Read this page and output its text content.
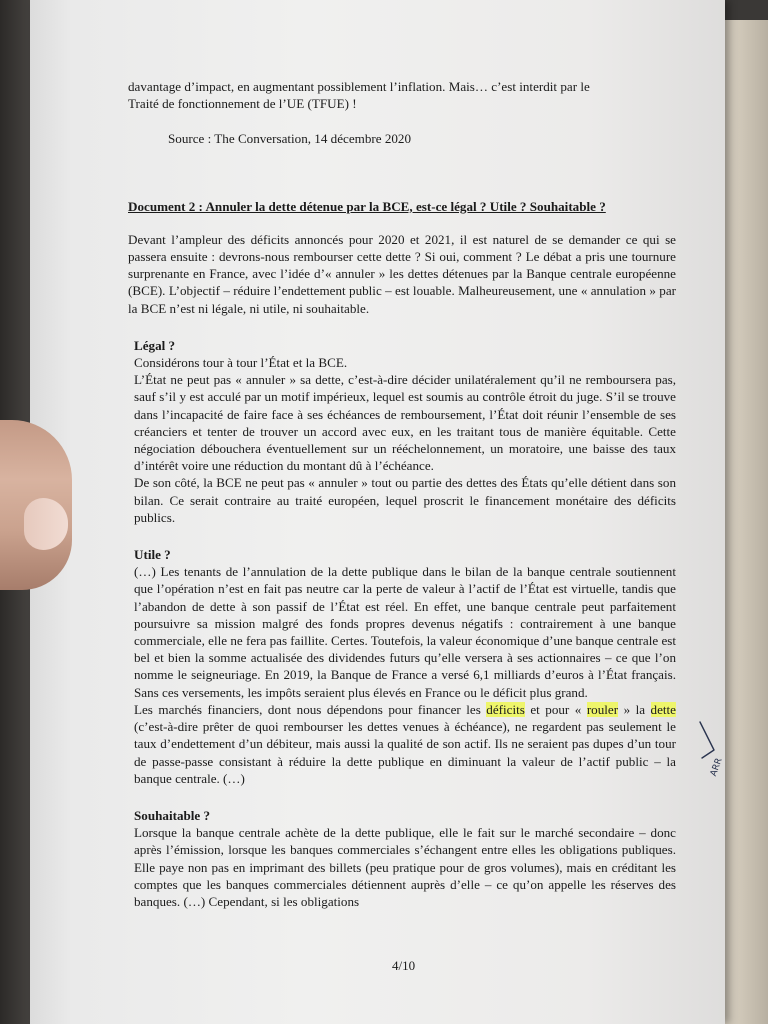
davantage d’impact, en augmentant possiblement l’inflation. Mais… c’est interdit par le

Traité de fonctionnement de l’UE (TFUE) !

Source : The Conversation, 14 décembre 2020

Document 2 : Annuler la dette détenue par la BCE, est-ce légal ? Utile ? Souhaitable ?

Devant l’ampleur des déficits annoncés pour 2020 et 2021, il est naturel de se demander ce qui se passera ensuite : devrons-nous rembourser cette dette ? Si oui, comment ? Le débat a pris une tournure surprenante en France, avec l’idée d’« annuler » les dettes détenues par la Banque centrale européenne (BCE). L’objectif – réduire l’endettement public – est louable. Malheureusement, une « annulation » par la BCE n’est ni légale, ni utile, ni souhaitable.

Légal ?

Considérons tour à tour l’État et la BCE.

L’État ne peut pas « annuler » sa dette, c’est-à-dire décider unilatéralement qu’il ne remboursera pas, sauf s’il y est acculé par un motif impérieux, lequel est soumis au contrôle étroit du juge. S’il se trouve dans l’incapacité de faire face à ses échéances de remboursement, l’État doit réunir l’ensemble de ses créanciers et tenter de trouver un accord avec eux, en les traitant tous de manière équitable. Cette négociation débouchera éventuellement sur un rééchelonnement, un moratoire, une baisse des taux d’intérêt voire une réduction du montant dû à l’échéance.

De son côté, la BCE ne peut pas « annuler » tout ou partie des dettes des États qu’elle détient dans son bilan. Ce serait contraire au traité européen, lequel proscrit le financement monétaire des déficits publics.

Utile ?

(…) Les tenants de l’annulation de la dette publique dans le bilan de la banque centrale soutiennent que l’opération n’est en fait pas neutre car la perte de valeur à l’actif de l’État est virtuelle, tandis que l’abandon de dette à son passif de l’État est réel. En effet, une banque centrale peut parfaitement poursuivre sa mission malgré des fonds propres devenus négatifs : contrairement à une banque commerciale, elle ne fera pas faillite. Certes. Toutefois, la valeur économique d’une banque centrale est bel et bien la somme actualisée des dividendes futurs qu’elle versera à ses actionnaires – ce que l’on nomme le seigneuriage. En 2019, la Banque de France a versé 6,1 milliards d’euros à l’État français. Sans ces versements, les impôts seraient plus élevés en France ou le déficit plus grand.

Les marchés financiers, dont nous dépendons pour financer les déficits et pour « rouler » la dette (c’est-à-dire prêter de quoi rembourser les dettes venues à échéance), ne regardent pas seulement le taux d’endettement d’un débiteur, mais aussi la qualité de son actif. Ils ne seraient pas dupes d’un tour de passe-passe consistant à réduire la dette publique en diminuant la valeur de l’actif public – la banque centrale. (…)

Souhaitable ?

Lorsque la banque centrale achète de la dette publique, elle le fait sur le marché secondaire – donc après l’émission, lorsque les banques commerciales s’échangent entre elles les obligations publiques. Elle paye non pas en imprimant des billets (peu pratique pour de gros volumes), mais en créditant les comptes que les banques commerciales détiennent auprès d’elle – ce qu’on appelle les réserves des banques. (…) Cependant, si les obligations

4/10
ARR
